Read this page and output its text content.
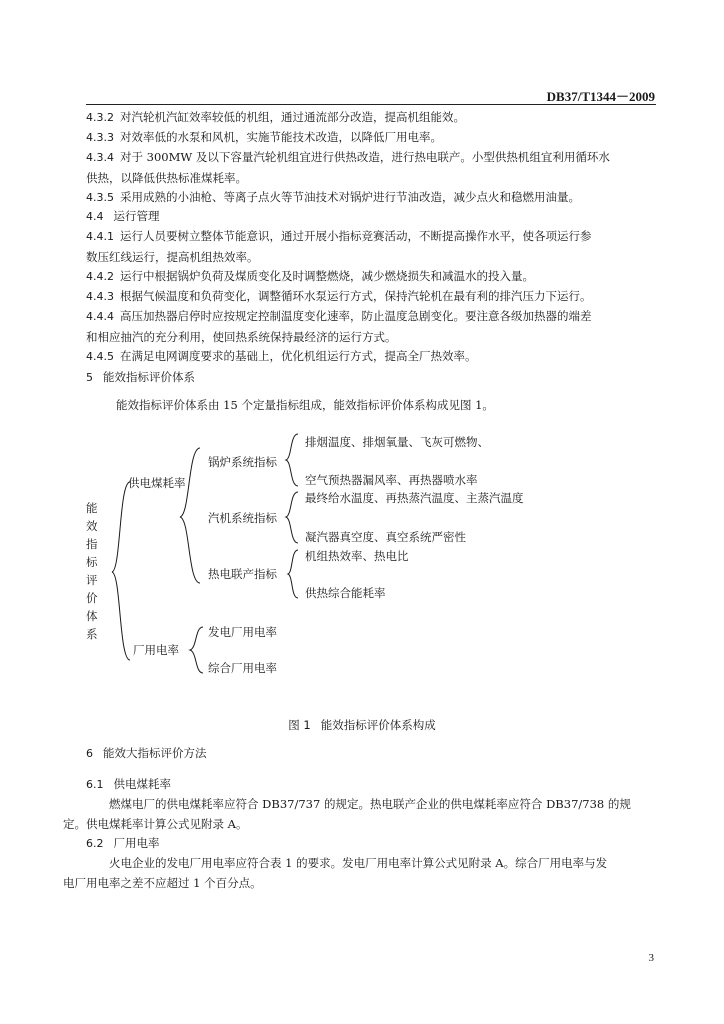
DB37/T1344－2009

4.3.2 对汽轮机汽缸效率较低的机组，通过通流部分改造，提高机组能效。

4.3.3 对效率低的水泵和风机，实施节能技术改造，以降低厂用电率。

4.3.4 对于 300MW 及以下容量汽轮机组宜进行供热改造，进行热电联产。小型供热机组宜利用循环水
供热，以降低供热标准煤耗率。

4.3.5 采用成熟的小油枪、等离子点火等节油技术对锅炉进行节油改造，减少点火和稳燃用油量。

4.4 运行管理

4.4.1 运行人员要树立整体节能意识，通过开展小指标竞赛活动，不断提高操作水平，使各项运行参
数压红线运行，提高机组热效率。

4.4.2 运行中根据锅炉负荷及煤质变化及时调整燃烧，减少燃烧损失和减温水的投入量。

4.4.3 根据气候温度和负荷变化，调整循环水泵运行方式，保持汽轮机在最有利的排汽压力下运行。

4.4.4 高压加热器启停时应按规定控制温度变化速率，防止温度急剧变化。要注意各级加热器的端差
和相应抽汽的充分利用，使回热系统保持最经济的运行方式。

4.4.5 在满足电网调度要求的基础上，优化机组运行方式，提高全厂热效率。

5 能效指标评价体系

能效指标评价体系由 15 个定量指标组成，能效指标评价体系构成见图 1。

能
效
指
标
评
价
体
系
供电煤耗率
锅炉系统指标
排烟温度、排烟氧量、飞灰可燃物、
空气预热器漏风率、再热器喷水率
汽机系统指标
最终给水温度、再热蒸汽温度、主蒸汽温度
凝汽器真空度、真空系统严密性
热电联产指标
机组热效率、热电比
供热综合能耗率
厂用电率
发电厂用电率
综合厂用电率
图 1 能效指标评价体系构成
6 能效大指标评价方法
6.1 供电煤耗率

燃煤电厂的供电煤耗率应符合 DB37/737 的规定。热电联产企业的供电煤耗率应符合 DB37/738 的规
定。供电煤耗率计算公式见附录 A。

6.2 厂用电率

火电企业的发电厂用电率应符合表 1 的要求。发电厂用电率计算公式见附录 A。综合厂用电率与发
电厂用电率之差不应超过 1 个百分点。

3
